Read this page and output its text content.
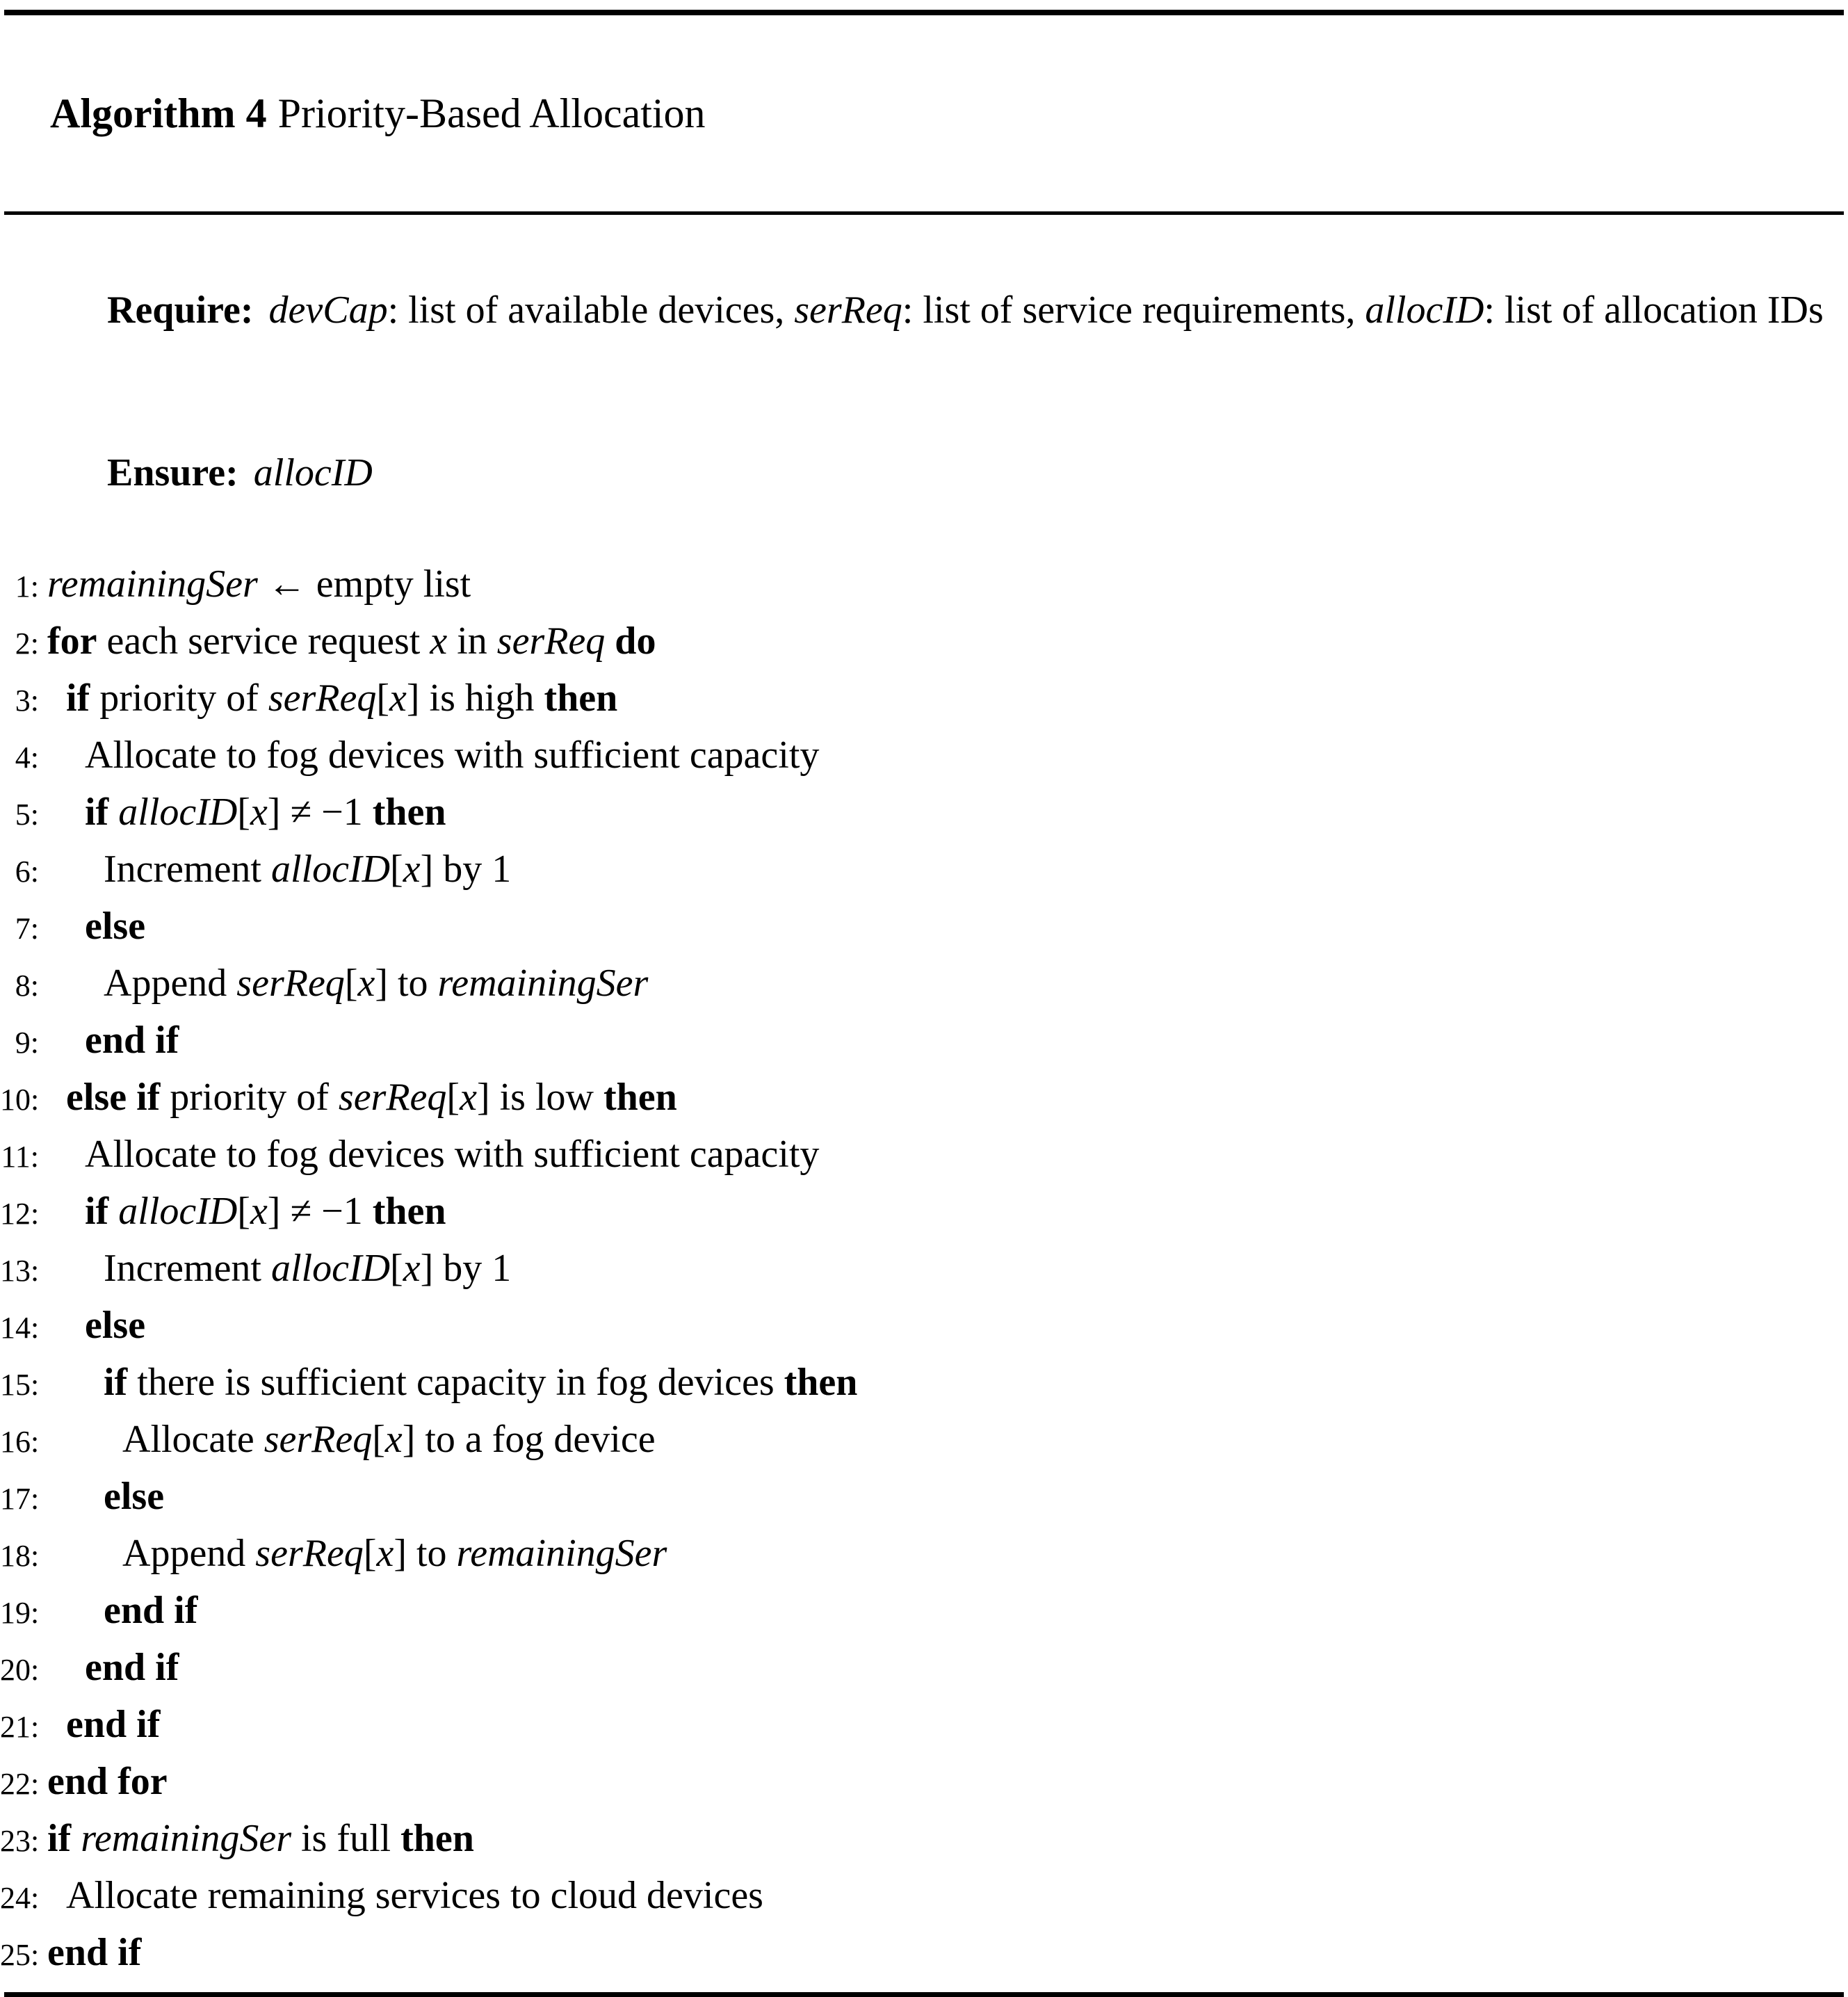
Algorithm 4 Priority-Based Allocation

Require: devCap: list of available devices, serReq: list of service requirements, allocID: list of allocation IDs

Ensure: allocID

1: remainingSer ← empty list
2: for each service request x in serReq do
3: if priority of serReq[x] is high then
4:	Allocate to fog devices with sufficient capacity
5:	if allocID[x] ≠ −1 then
6:	Increment allocID[x] by 1
7:	else
8:	Append serReq[x] to remainingSer
9:	end if
10: else if priority of serReq[x] is low then
11:	Allocate to fog devices with sufficient capacity
12:	if allocID[x] ≠ −1 then
13:	Increment allocID[x] by 1
14:	else
15:	if there is sufficient capacity in fog devices then
16:	Allocate serReq[x] to a fog device
17:	else
18:	Append serReq[x] to remainingSer
19:	end if
20:	end if
21: end if
22: end for
23: if remainingSer is full then
24: Allocate remaining services to cloud devices
25: end if
